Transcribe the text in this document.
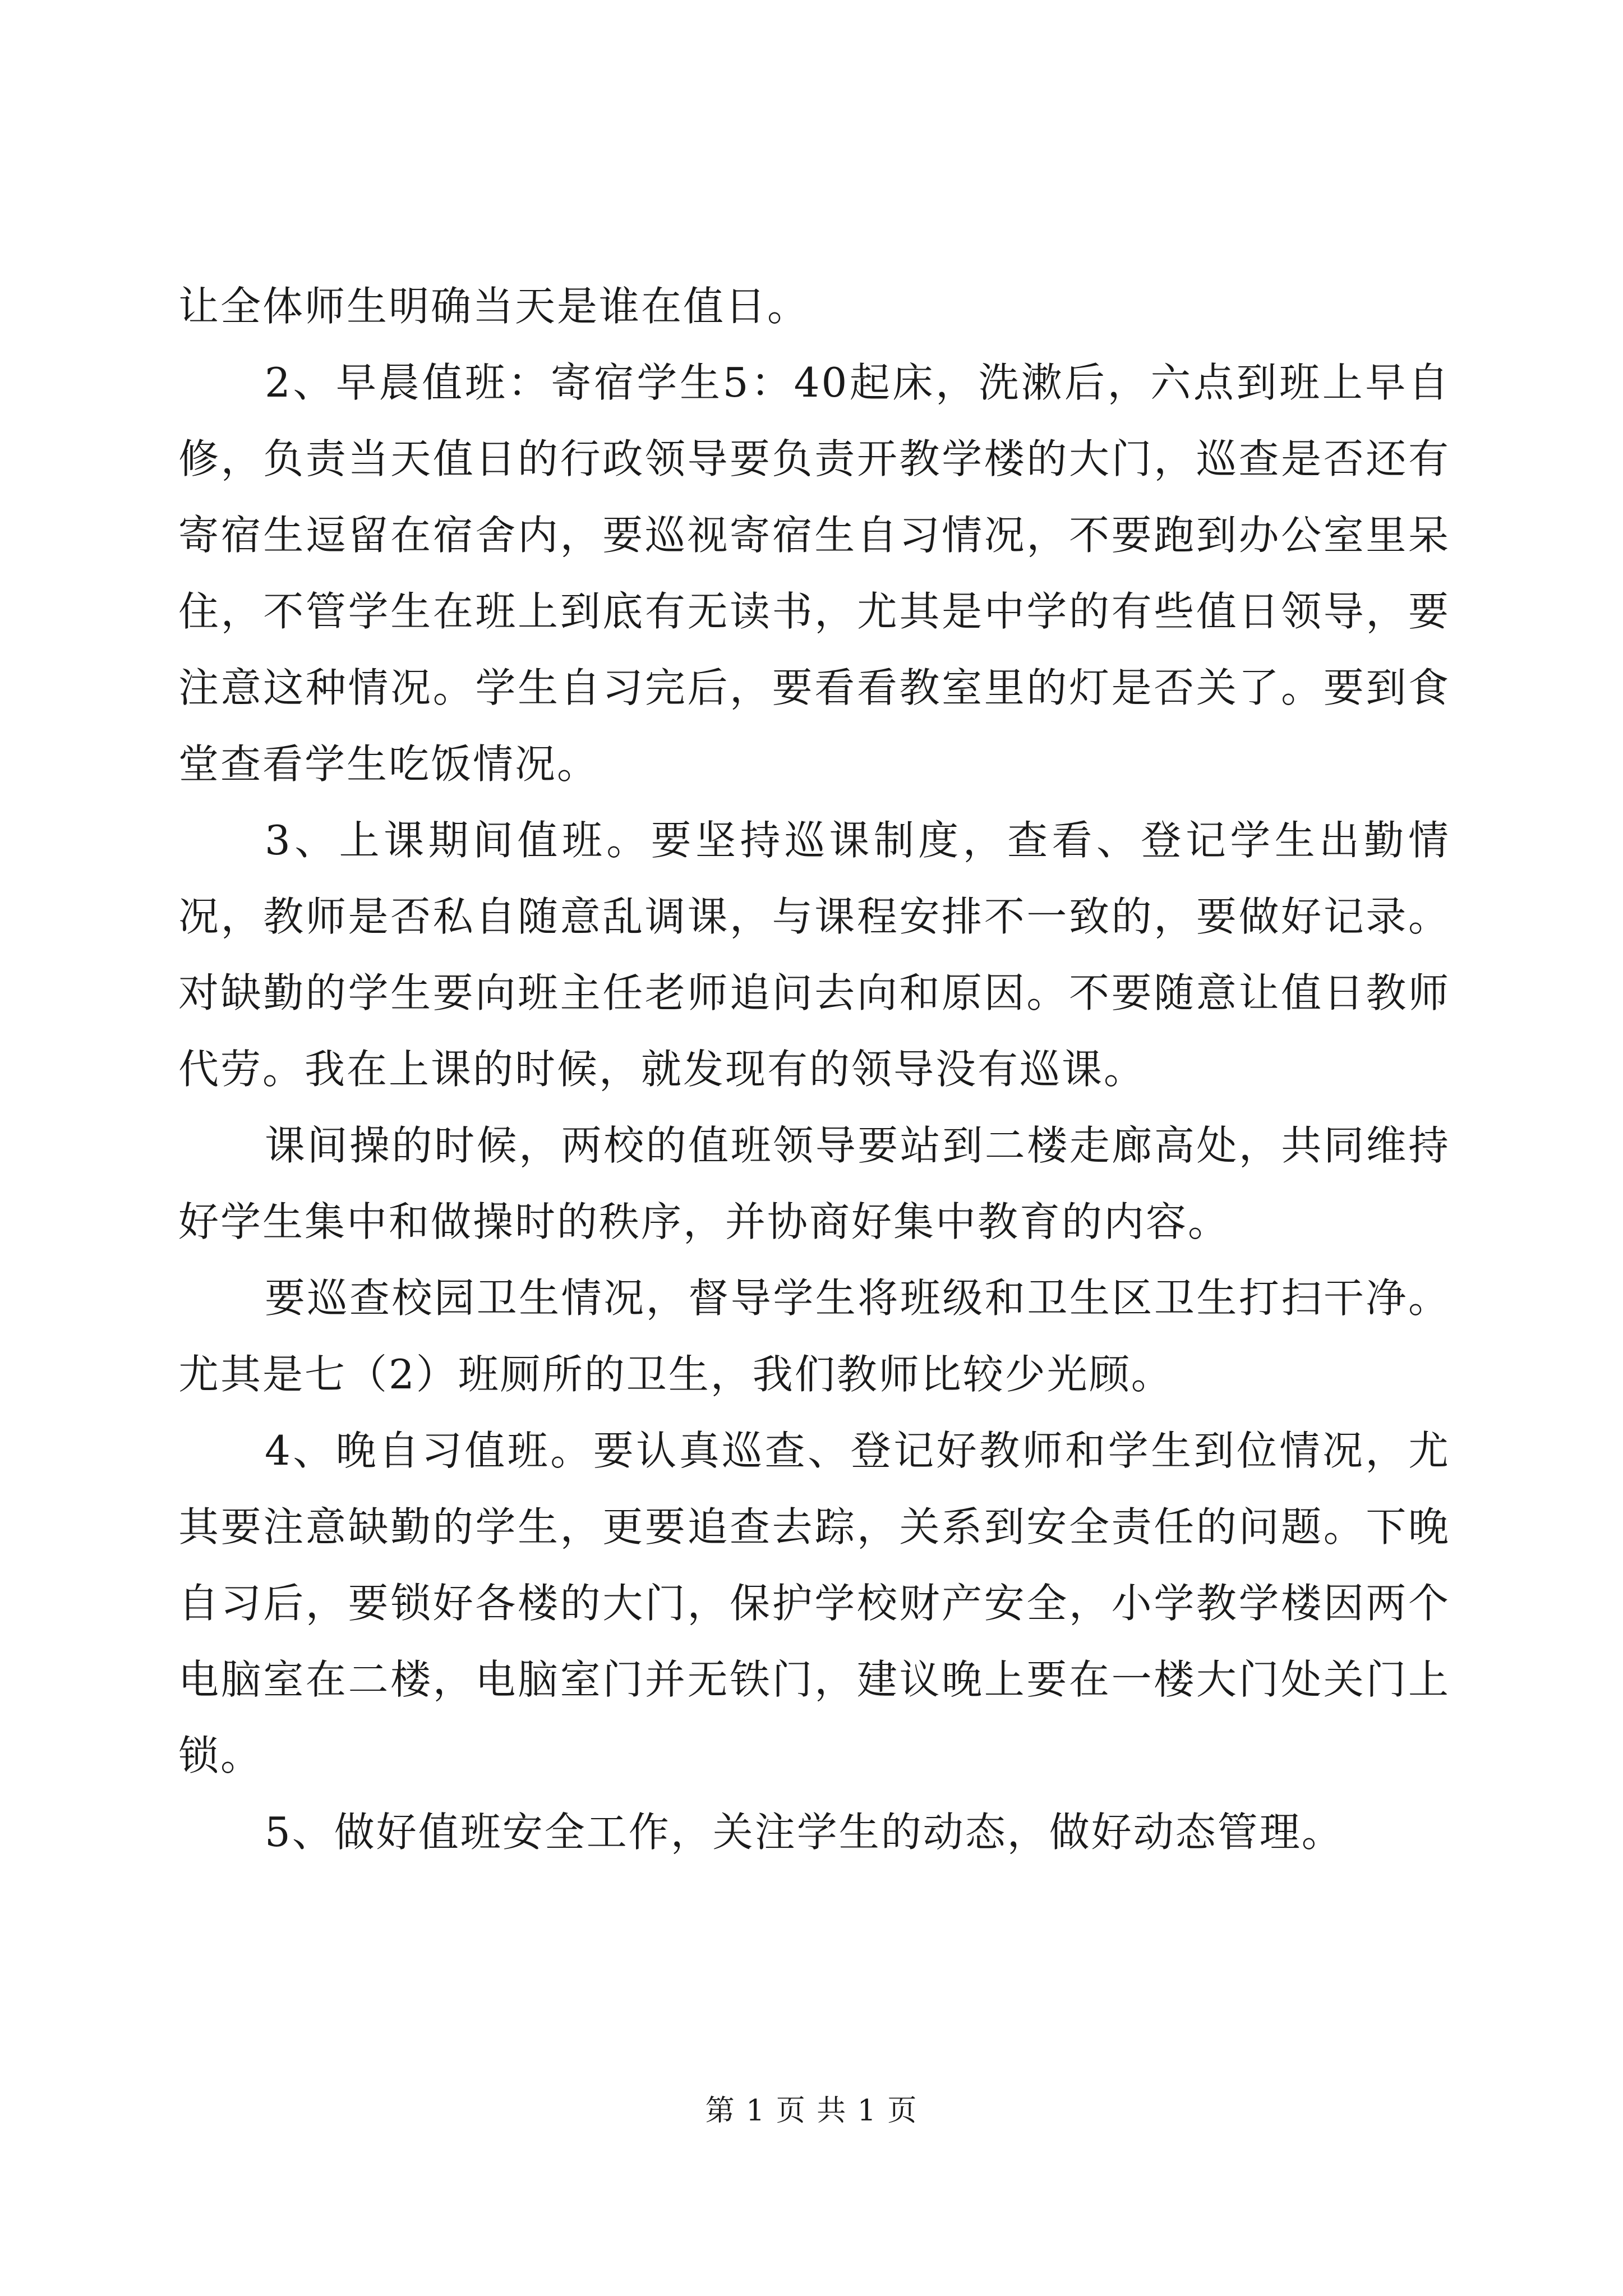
让全体师生明确当天是谁在值日。

2、早晨值班：寄宿学生5：40起床，洗漱后，六点到班上早自修，负责当天值日的行政领导要负责开教学楼的大门，巡查是否还有寄宿生逗留在宿舍内，要巡视寄宿生自习情况，不要跑到办公室里呆住，不管学生在班上到底有无读书，尤其是中学的有些值日领导，要注意这种情况。学生自习完后，要看看教室里的灯是否关了。要到食堂查看学生吃饭情况。

3、上课期间值班。要坚持巡课制度，查看、登记学生出勤情况，教师是否私自随意乱调课，与课程安排不一致的，要做好记录。对缺勤的学生要向班主任老师追问去向和原因。不要随意让值日教师代劳。我在上课的时候，就发现有的领导没有巡课。

课间操的时候，两校的值班领导要站到二楼走廊高处，共同维持好学生集中和做操时的秩序，并协商好集中教育的内容。

要巡查校园卫生情况，督导学生将班级和卫生区卫生打扫干净。尤其是七（2）班厕所的卫生，我们教师比较少光顾。

4、晚自习值班。要认真巡查、登记好教师和学生到位情况，尤其要注意缺勤的学生，更要追查去踪，关系到安全责任的问题。下晚自习后，要锁好各楼的大门，保护学校财产安全，小学教学楼因两个电脑室在二楼，电脑室门并无铁门，建议晚上要在一楼大门处关门上锁。

5、做好值班安全工作，关注学生的动态，做好动态管理。

第 1 页 共 1 页
